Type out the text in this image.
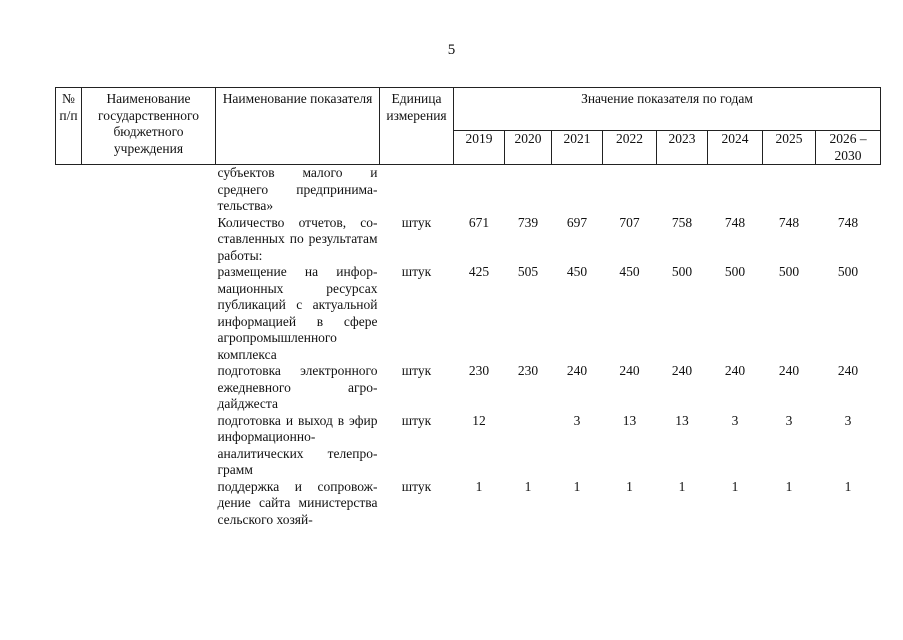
5
№ п/п	Наименование государственного бюджетного учреждения	Наименование показателя	Единица измерения	Значение показателя по годам							

				2019	2020	2021	2022	2023	2024	2025	2026 – 2030
		субъектов малого и среднего предпринимательства»									
		Количество отчетов, составленных по результатам работы:	штук	671	739	697	707	758	748	748	748
		размещение на информационных ресурсах публикаций с актуальной информацией в сфере агропромышленного комплекса	штук	425	505	450	450	500	500	500	500
		подготовка электронного ежедневного агродайджеста	штук	230	230	240	240	240	240	240	240
		подготовка и выход в эфир информационно-аналитических телепрограмм	штук	12		3	13	13	3	3	3
		поддержка и сопровождение сайта министерства сельского хозяй-	штук	1	1	1	1	1	1	1	1
